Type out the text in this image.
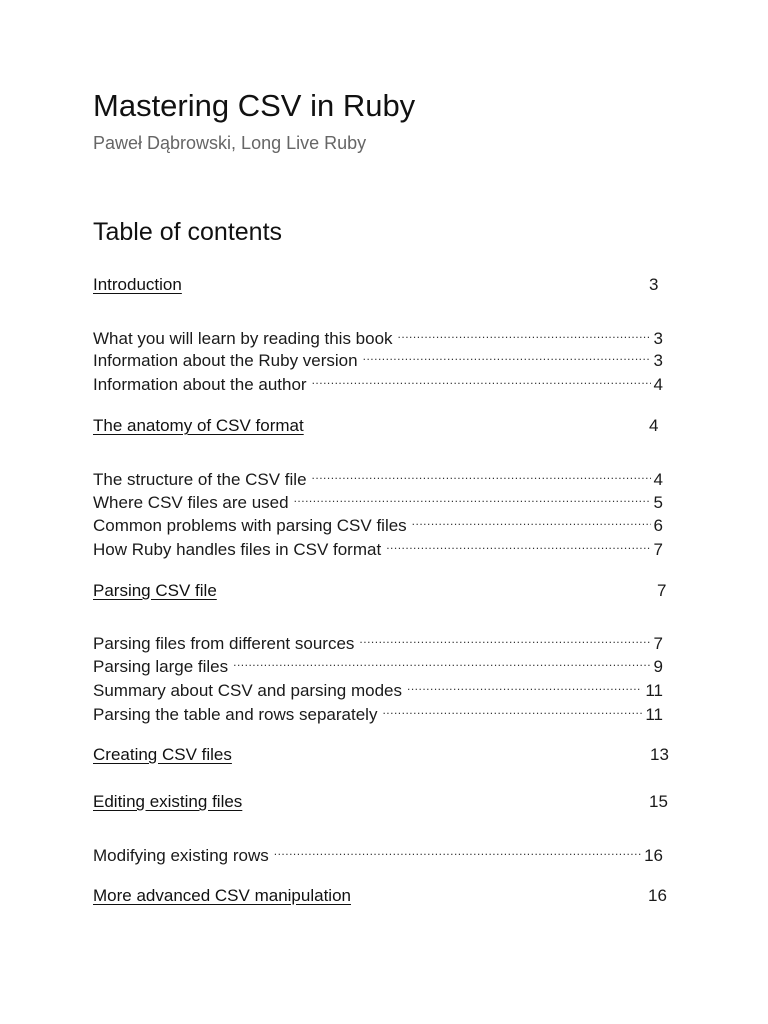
Mastering CSV in Ruby
Paweł Dąbrowski, Long Live Ruby
Table of contents
Introduction	3
What you will learn by reading this book .....	3
Information about the Ruby version .....	3
Information about the author .....	4
The anatomy of CSV format	4
The structure of the CSV file .....	4
Where CSV files are used .....	5
Common problems with parsing CSV files .....	6
How Ruby handles files in CSV format .....	7
Parsing CSV file	7
Parsing files from different sources .....	7
Parsing large files .....	9
Summary about CSV and parsing modes .....	11
Parsing the table and rows separately .....	11
Creating CSV files	13
Editing existing files	15
Modifying existing rows .....	16
More advanced CSV manipulation	16
